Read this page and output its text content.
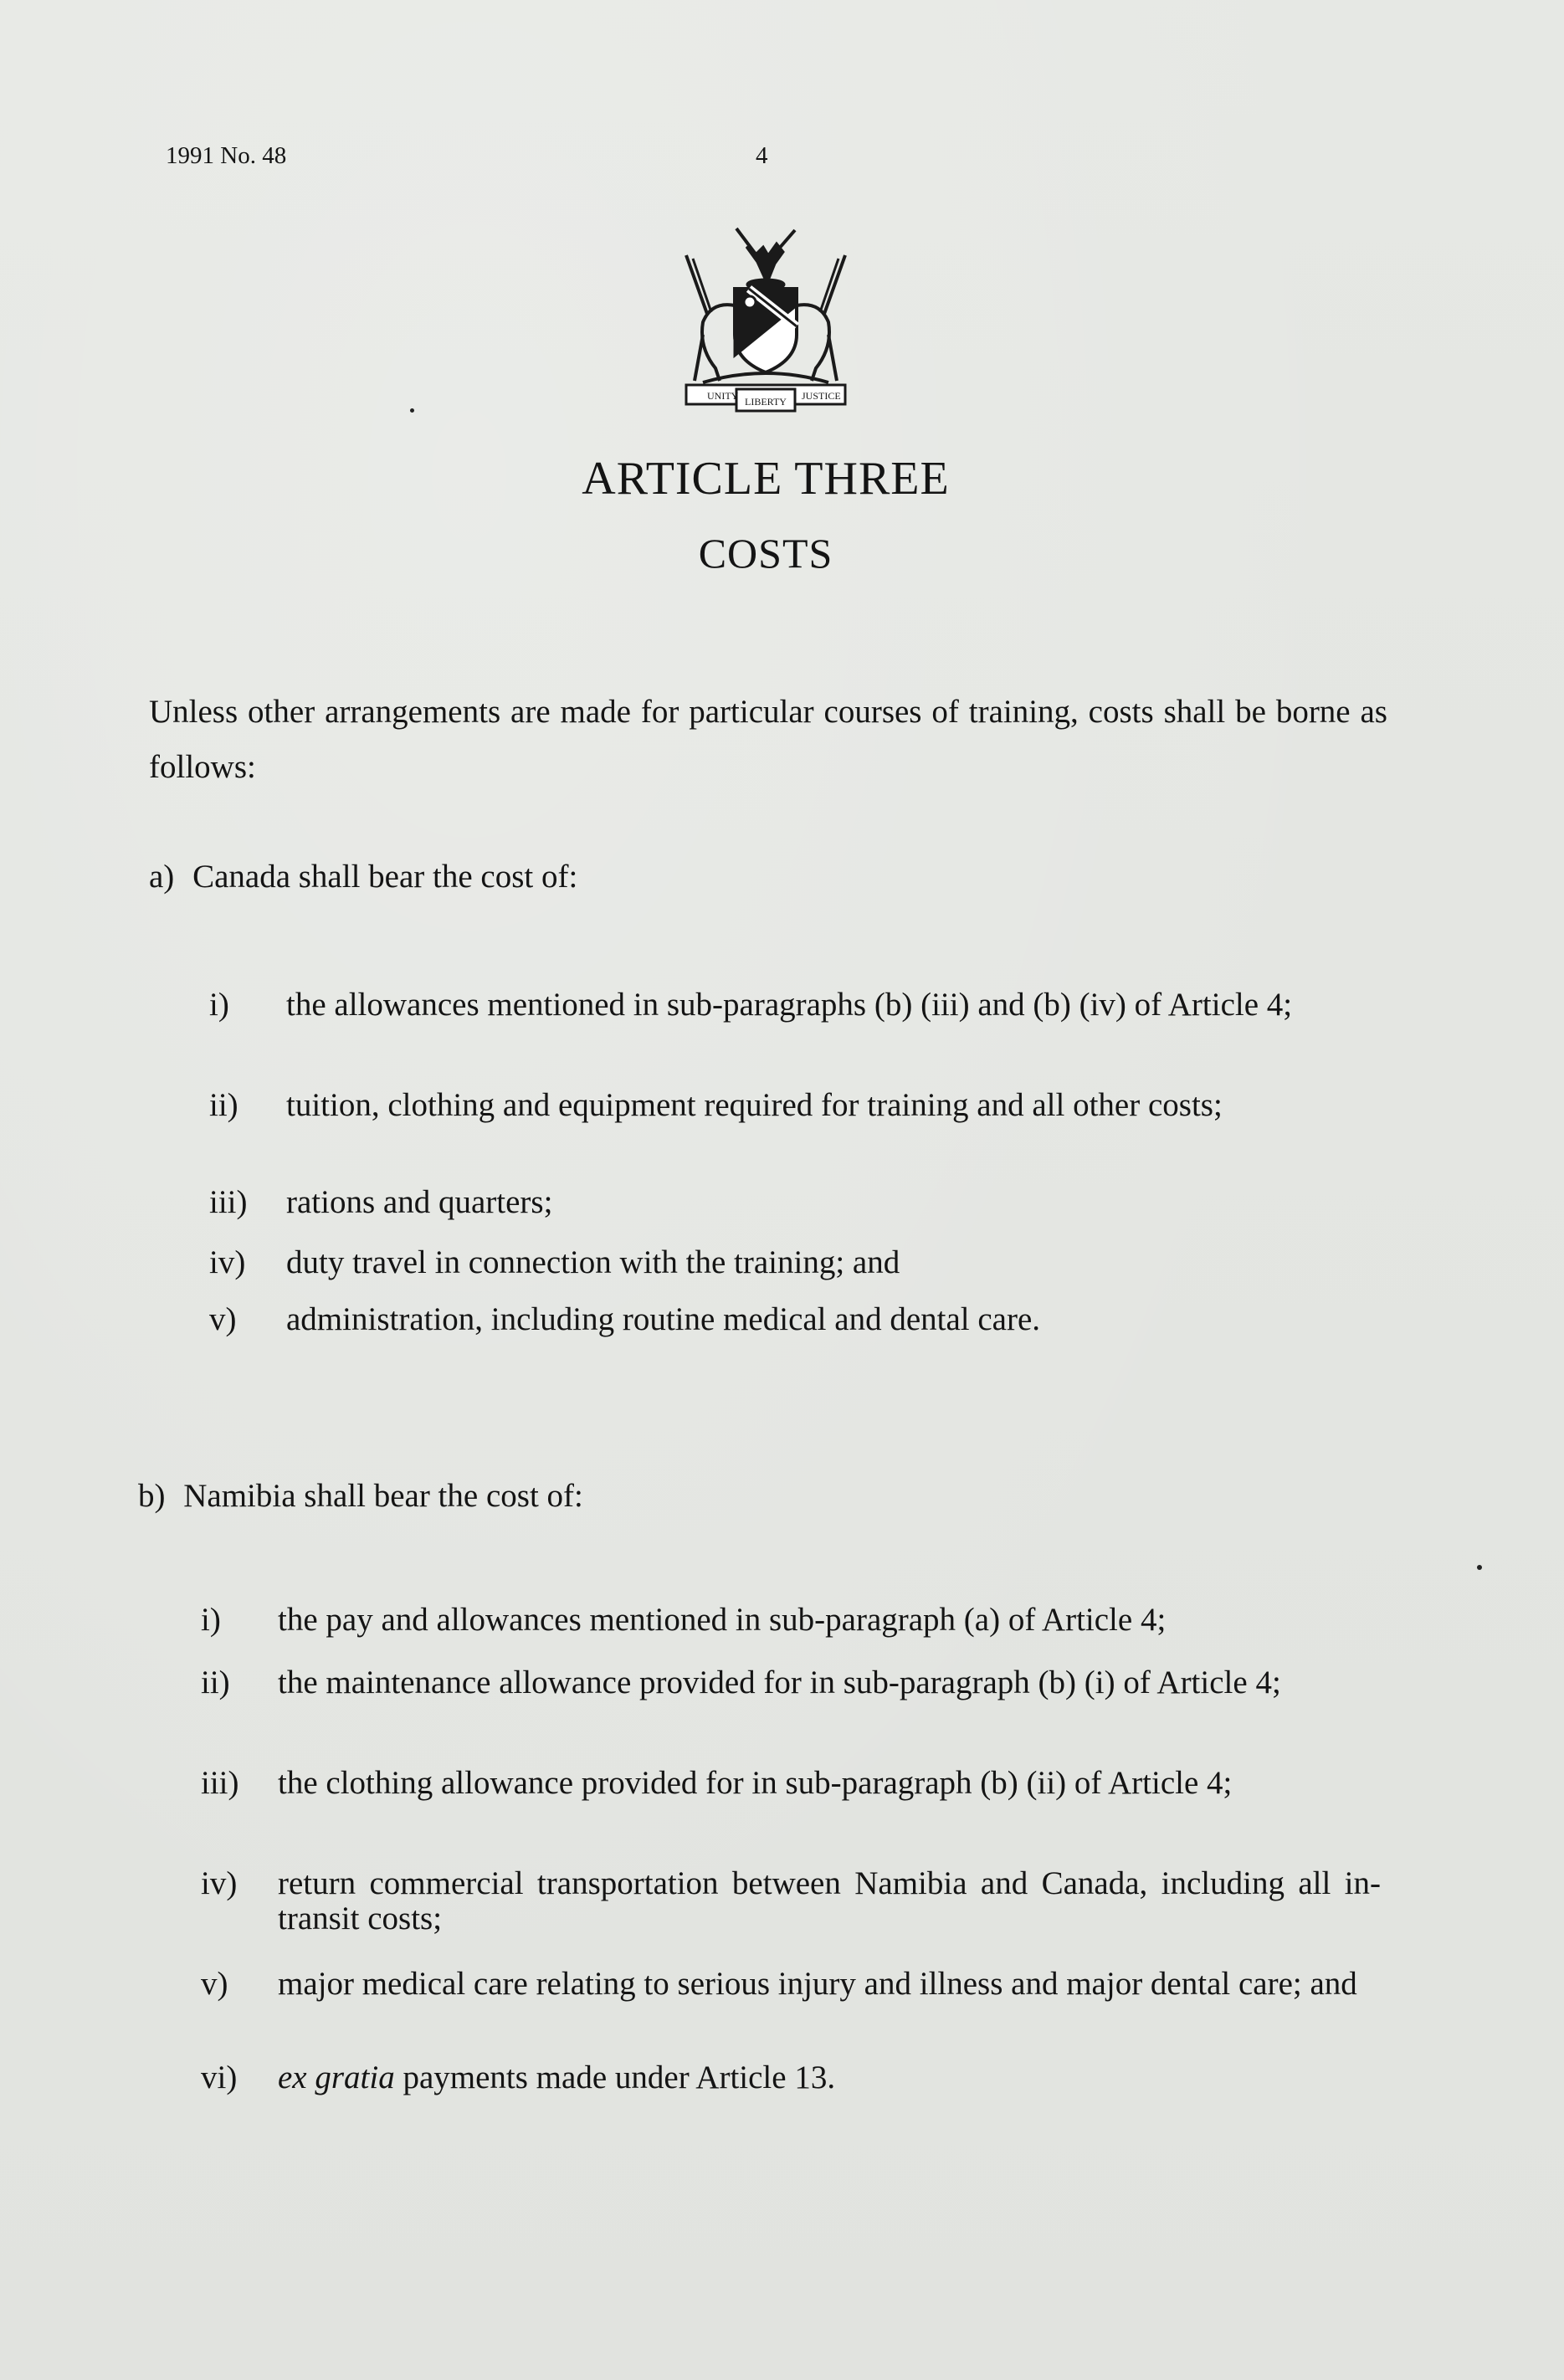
1991 No. 48	4
UNITY LIBERTY JUSTICE
ARTICLE THREE
COSTS
Unless other arrangements are made for particular courses of training, costs shall be borne as follows:
a) Canada shall bear the cost of:
i) the allowances mentioned in sub-paragraphs (b) (iii) and (b) (iv) of Article 4;
ii) tuition, clothing and equipment required for training and all other costs;
iii) rations and quarters;
iv) duty travel in connection with the training; and
v) administration, including routine medical and dental care.
b) Namibia shall bear the cost of:
i) the pay and allowances mentioned in sub-paragraph (a) of Article 4;
ii) the maintenance allowance provided for in sub-paragraph (b) (i) of Article 4;
iii) the clothing allowance provided for in sub-paragraph (b) (ii) of Article 4;
iv) return commercial transportation between Namibia and Canada, including all in-transit costs;
v) major medical care relating to serious injury and illness and major dental care; and
vi) ex gratia payments made under Article 13.
